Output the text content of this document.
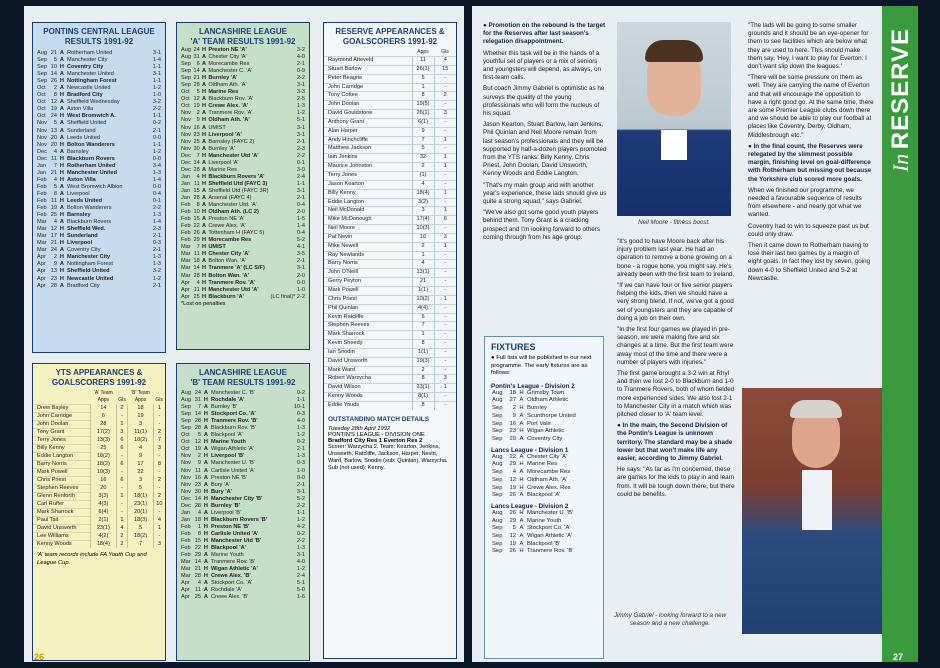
PONTINS CENTRAL LEAGUE
RESULTS 1991-92
Aug	21	A	Rotherham United	3-1
Sep	5	A	Manchester City	1-4
Sep	10	H	Coventry City	1-1
Sep	14	A	Manchester United	3-1
Sep	26	H	Nottingham Forest	1-1
Oct	2	A	Newcastle United	1-2
Oct	8	H	Bradford City	1-0
Oct	12	A	Sheffield Wednesday	3-2
Oct	19	A	Aston Villa	2-2
Oct	24	H	West Bromwich A.	1-1
Nov	5	A	Sheffield United	0-2
Nov	13	A	Sunderland	2-1
Nov	20	A	Leeds United	0-0
Nov	20	H	Bolton Wanderers	1-1
Dec	4	A	Barnsley	1-2
Dec	11	H	Blackburn Rovers	0-0
Jan	7	H	Rotherham United	3-4
Jan	21	H	Manchester United	1-3
Feb	4	H	Aston Villa	1-4
Feb	5	A	West Bromwich Albion	0-0
Feb	8	A	Liverpool	0-4
Feb	11	H	Leeds United	0-1
Feb	19	A	Bolton Wanderers	2-2
Feb	25	H	Barnsley	1-3
Mar	4	A	Blackburn Rovers	1-4
Mar	12	H	Sheffield Wed.	2-3
Mar	17	H	Sunderland	2-1
Mar	21	H	Liverpool	0-3
Mar	24	A	Coventry City	2-1
Apr	2	H	Manchester City	1-3
Apr	9	A	Nottingham Forest	1-3
Apr	13	H	Sheffield United	3-2
Apr	23	H	Newcastle United	1-2
Apr	28	A	Bradford City	2-1
LANCASHIRE LEAGUE
'A' TEAM RESULTS 1991-92
Aug	24	H	Preston NE 'A'	3-2
Aug	31	A	Chester City 'A'	4-0
Sep	6	A	Morecambe Res	2-1
Sep	14	A	Manchester C. 'A'	0-9
Sep	21	H	Burnley 'A'	2-2
Sep	28	A	Oldham Ath. 'A'	3-1
Oct	5	H	Marine Res	3-3
Oct	12	A	Blackburn Rov. 'A'	2-5
Oct	19	H	Crewe Alex. 'A'	1-3
Nov	2	A	Tranmere Rov. 'A'	1-2
Nov	9	H	Oldham Ath. 'A'	5-1
Nov	16	A	UMIST	3-1
Nov	23	H	Liverpool 'A'	3-1
Nov	25	A	Barnsley (FAYC 2)	2-1
Nov	30	A	Burnley 'A'	2-3
Dec	7	H	Manchester Utd 'A'	2-2
Dec	14	A	Liverpool 'A'	0-1
Dec	28	A	Marine Res	3-0
Jan	4	H	Blackburn Rovers 'A'	2-4
Jan	11	H	Sheffield Utd (FAYC 3)	1-1
Jan	15	A	Sheffield Utd (FAYC 3R)	3-1
Jan	28	A	Arsenal (FAYC 4)	2-1
Feb	8	A	Manchester Utd. 'A'	0-4
Feb	10	H	Oldham Ath. (LC 2)	2-0
Feb	15	A	Preston NE 'A'	1-5
Feb	22	A	Crewe Alex. 'A'	1-4
Feb	26	A	Tottenham H (FAYC 5)	0-4
Feb	29	H	Morecambe Res	5-2
Mar	7	H	UMIST	4-1
Mar	11	H	Chester City 'A'	3-5
Mar	18	A	Bolton Wan. 'A'	2-1
Mar	14	H	Tranmere 'A' (LC S/F)	3-1
Mar	28	H	Bolton Wan. 'A'	2-0
Apr	4	H	Tranmere Rov. 'A'	0-0
Apr	11	H	Manchester Utd 'A'	1-0
Apr	25	H	Blackburn 'A'	(LC final)* 2-2
*Lost on penalties
YTS APPEARANCES &
GOALSCORERS 1991-92
	'A' Team		'B' Team	
	Apps	Gls	Apps	Gls
Drew Bayley	14	2	18	1
John Carridge	6	-	19	-
John Doolan	28	1	3	-
Tony Grant	17(2)	3	11(1)	2
Terry Jones	13(3)	6	18(2)	7
Billy Kenny	25	6	4	3
Eddie Langton	16(2)	-	9	-
Barry Norris	18(2)	6	17	8
Mark Powell	10(3)	-	22	-
Chris Priest	16	6	3	2
Stephen Reeves	20	-	5	-
Glenn Renforth	3(3)	1	18(1)	2
Carl Ruffer	4(3)	-	23(1)	10
Mark Sharrock	6(4)	-	20(1)	-
Paul Tait	2(1)	1	18(3)	4
David Unsworth	23(1)	4	5	1
Lee Williams	4(2)	2	18(2)	-
Kenny Woods	18(4)	2	7	3
'A' team records include FA Youth Cup and League Cup.
LANCASHIRE LEAGUE
'B' TEAM RESULTS 1991-92
Aug	24	A	Manchester C. 'B'	0-2
Aug	31	H	Rochdale 'A'	1-1
Sep	7	A	Burnley 'B'	10-1
Sep	14	H	Stockport Co. 'A'	0-3
Sep	28	H	Tranmere Rov. 'B'	4-0
Sep	28	A	Blackburn Rov. 'B'	1-3
Oct	5	A	Blackpool 'A'	1-2
Oct	12	H	Marine Youth	0-2
Oct	19	A	Wigan Athletic 'A'	2-1
Nov	2	H	Liverpool 'B'	1-3
Nov	9	A	Manchester U. 'B'	0-3
Nov	11	A	Carlisle United 'A'	1-0
Nov	16	A	Preston NE 'B'	0-0
Nov	23	A	Bury 'A'	2-1
Nov	30	H	Bury 'A'	3-1
Dec	14	H	Manchester City 'B'	5-2
Dec	28	H	Burnley 'B'	2-2
Jan	4	A	Liverpool 'B'	1-1
Jan	18	H	Blackburn Rovers 'B'	1-2
Feb	1	H	Preston NE 'B'	4-2
Feb	8	H	Carlisle United 'A'	0-2
Feb	15	H	Manchester Utd 'B'	2-2
Feb	22	H	Blackpool 'A'	1-3
Feb	29	A	Marine Youth	3-1
Mar	14	A	Tranmere Rov. 'B'	4-0
Mar	21	H	Wigan Athletic 'A'	1-2
Mar	28	H	Crewe Alex. 'B'	2-4
Apr	4	A	Stockport Co. 'A'	5-1
Apr	11	A	Rochdale 'A'	5-0
Apr	25	A	Crewe Alex. 'B'	1-6
RESERVE APPEARANCES &
GOALSCORERS 1991-92
	Apps	Gls
Raymond Atteveld	11	4
Stuart Barlow	26(1)	15
Peter Beagrie	5	-
John Carridge	1	-
Tony Cottee	8	2
John Doolan	19(5)	-
David Gouldstone	26(1)	3
Anthony Grant	6(1)	-
Alan Harper	9	-
Andy Hinchcliffe	7	1
Matthew Jackson	5	-
Iain Jenkins	32	1
Maurice Johnston	2	1
Terry Jones	(1)	-
Jason Kearton	4	-
Billy Kenny	18(4)	1
Eddie Langton	3(2)	-
Neil McDonald	3	1
Mike McDonough	17(4)	6
Neil Moore	10(3)	-
Pat Nevin	16	3
Mike Newell	2	1
Ray Newlands	1	-
Barry Norris	4	-
John O'Neill	13(1)	-
Gerry Peyton	21	-
Mark Powell	1(1)	-
Chris Priest	10(2)	1
Phil Quinlan	4(4)	-
Kevin Ratcliffe	5	-
Stephen Reeves	7	-
Mark Sharrock	1	-
Kevin Sheedy	8	-
Ian Snodin	1(1)	-
David Unsworth	19(3)	-
Mark Ward	2	-
Robert Warzycha	8	3
David Wilson	23(1)	1
Kenny Woods	8(1)	-
Eddie Youds	8	-
OUTSTANDING MATCH DETAILS
Tuesday 28th April 1992
PONTIN'S LEAGUE - DIVISION ONE
Bradford City Res 1 Everton Res 2
Scorer: Warzycha 2. Team: Kearton, Jenkins, Unsworth, Ratcliffe, Jackson, Harper, Nevin, Ward, Barlow, Snodin (sub: Quinlan), Warzycha. Sub (not used): Kenny.
26

● Promotion on the rebound is the target for the Reserves after last season's relegation disappointment.

Whether this task will be in the hands of a youthful set of players or a mix of seniors and youngsters will depend, as always, on first-team calls.

But coach Jimmy Gabriel is optimistic as he surveys the quality of the young professionals who will form the nucleus of his squad.

Jason Kearton, Stuart Barlow, Iain Jenkins, Phil Quinlan and Neil Moore remain from last season's professionals and they will be supported by half-a-dozen players promoted from the YTS ranks: Billy Kenny, Chris Priest, John Doolan, David Unsworth, Kenny Woods and Eddie Langton.

"That's my main group and with another year's experience, these lads should give us quite a strong squad," says Gabriel.

"We've also got some good youth players behind them. Tony Grant is a cracking prospect and I'm looking forward to others coming through from his age group.

FIXTURES
● Full lists will be published in our next programme. The early fixtures are as follows:
Pontin's League - Division 2
Aug	18	H	Grimsby Town
Aug	27	A	Oldham Athletic
Sep	2	H	Burnley
Sep	9	A	Scunthorpe United
Sep	16	A	Port Vale
Sep	23	H	Wigan Athletic
Sep	29	A	Coventry City
Lancs League - Division 1
Aug	22	A	Chester City 'A'
Aug	29	H	Marine Res
Sep	4	A	Morecambe Res
Sep	12	H	Oldham Ath. 'A'
Sep	19	H	Crewe Alex. Res
Sep	26	A	Blackpool 'A'
Lancs League - Division 2
Aug	26	H	Manchester U. 'B'
Aug	29	A	Marine Youth
Sep	5	A	Stockport Co. 'A'
Sep	12	A	Wigan Athletic 'A'
Sep	19	A	Blackpool 'B'
Sep	26	H	Tranmere Rov. 'B'
Neil Moore - fitness boost.

"It's good to have Moore back after his injury problem last year. He had an operation to remove a bone growing on a bone - a rogue bone, you might say. He's already been with the first team to Ireland.

"If we can have four or five senior players helping the kids, then we should have a very strong blend. If not, we've got a good set of youngsters and they are capable of doing a job on their own.

"In the first four games we played in pre-season, we were making five and six changes at a time. But the first team were away most of the time and there were a number of players with injuries."

The first game brought a 3-2 win at Rhyl and then we lost 2-0 to Blackburn and 1-0 to Tranmere Rovers, both of whom fielded more experienced sides. We also lost 2-1 to Manchester City in a match which was pitched closer to 'A' team level.

● In the main, the Second Division of the Pontin's League is unknown territory. The standard may be a shade lower but that won't make life any easier, according to Jimmy Gabriel.

He says: "As far as I'm concerned, these are games for the kids to play in and learn from. It will be tough down there, but there could be benefits.

Jimmy Gabriel - looking forward to a new season and a new challenge.

"The lads will be going to some smaller grounds and it should be an eye-opener for them to see facilities which are below what they are used to here. This should make them say, 'Hey, I want to play for Everton. I don't want slip down the leagues.'

"There will be some pressure on them as well. They are carrying the name of Everton and that will encourage the opposition to have a right good go. At the same time, there are some Premier League clubs down there and we should be able to play our football at places like Coventry, Derby, Oldham, Middlesbrough etc."

● In the final count, the Reserves were relegated by the slimmest possible margin, finishing level on goal-difference with Rotherham but missing out because the Yorkshire club scored more goals.

When we finished our programme, we needed a favourable sequence of results from elsewhere - and nearly got what we wanted.

Coventry had to win to squeeze past us but could only draw.

Then it came down to Rotherham having to lose their last two games by a margin of eight goals. In fact they lost by seven, going down 4-0 to Sheffield United and 5-2 at Newcastle.

In RESERVE
27
